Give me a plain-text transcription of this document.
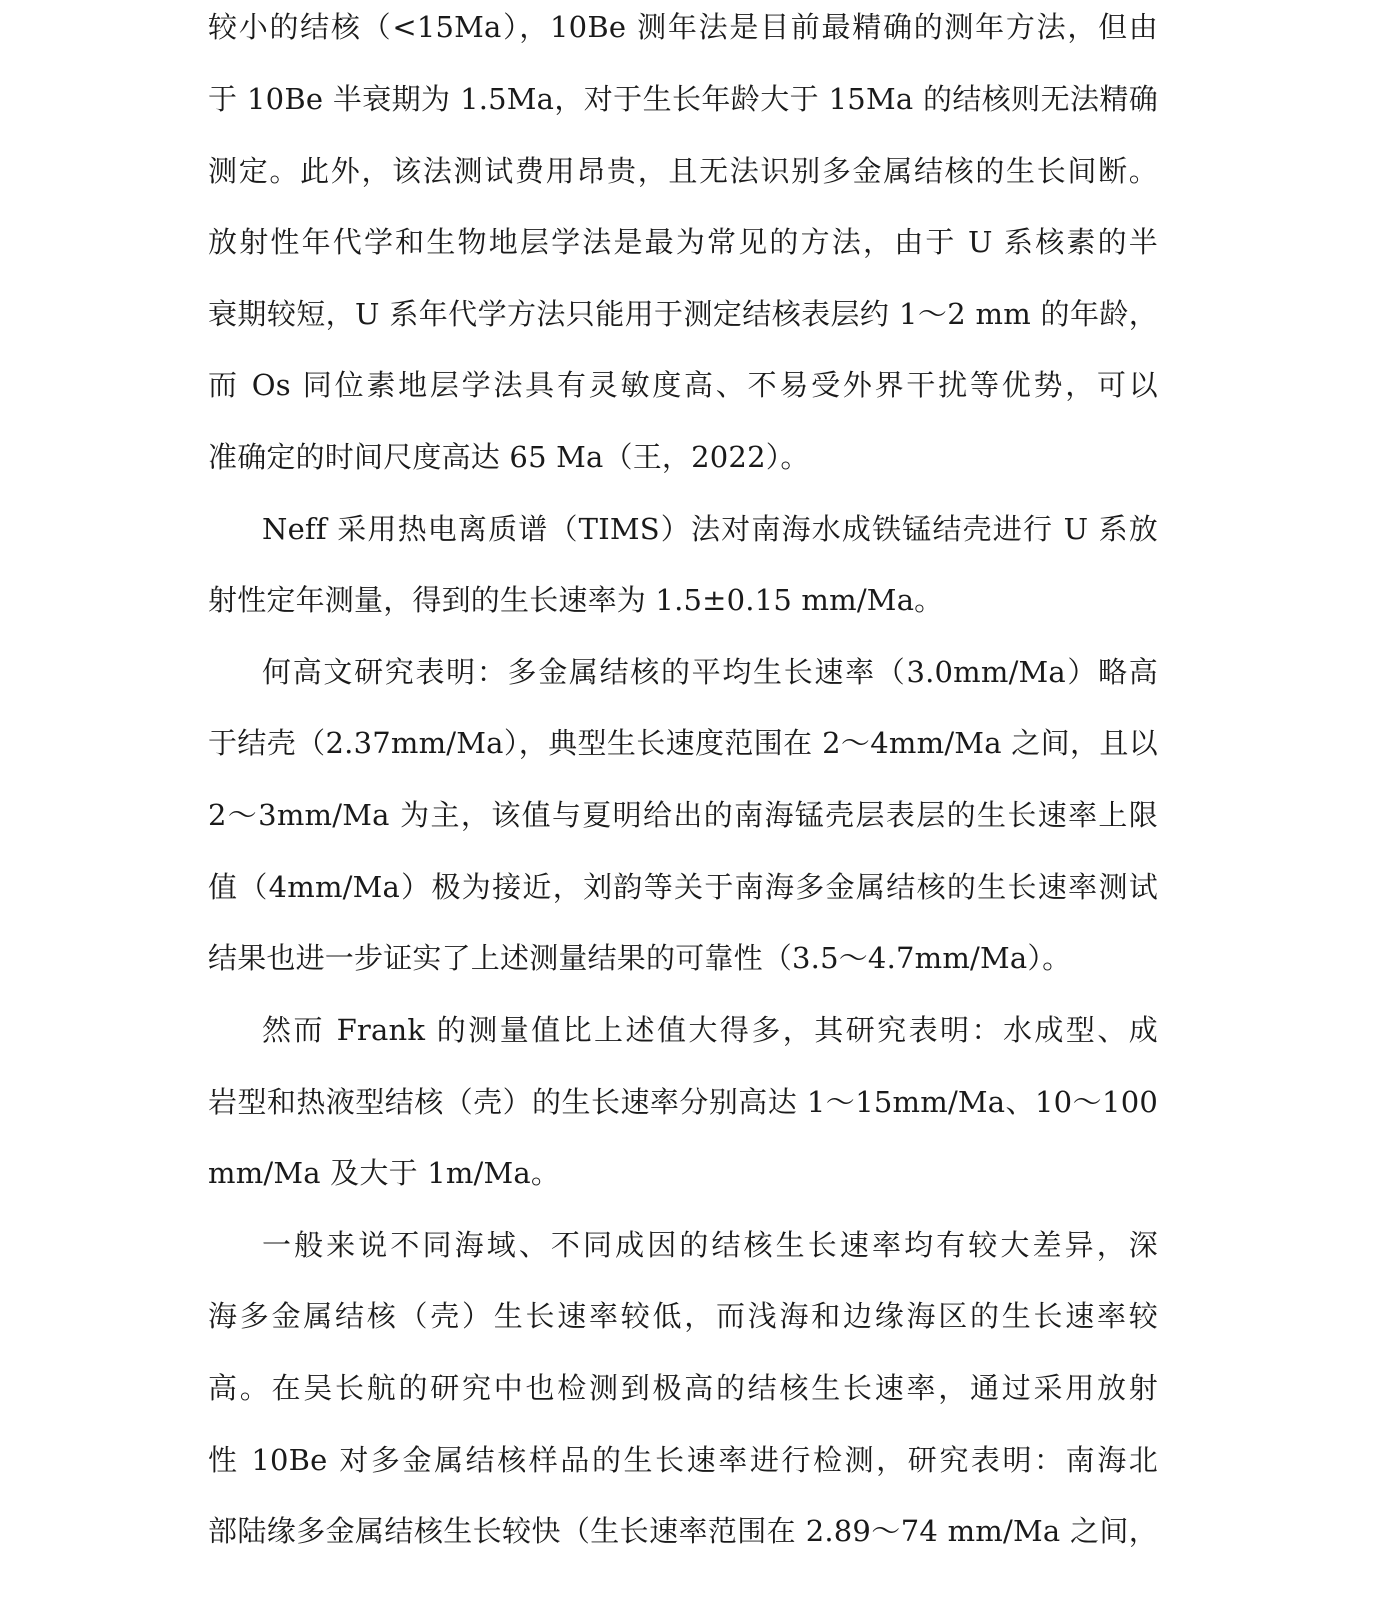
较小的结核（<15Ma），10Be 测年法是目前最精确的测年方法，但由
于 10Be 半衰期为 1.5Ma，对于生长年龄大于 15Ma 的结核则无法精确
测定。此外，该法测试费用昂贵，且无法识别多金属结核的生长间断。
放射性年代学和生物地层学法是最为常见的方法，由于 U 系核素的半
衰期较短，U 系年代学方法只能用于测定结核表层约 1～2 mm 的年龄，
而 Os 同位素地层学法具有灵敏度高、不易受外界干扰等优势，可以
准确定的时间尺度高达 65 Ma（王，2022）。
Neff 采用热电离质谱（TIMS）法对南海水成铁锰结壳进行 U 系放
射性定年测量，得到的生长速率为 1.5±0.15 mm/Ma。
何高文研究表明：多金属结核的平均生长速率（3.0mm/Ma）略高
于结壳（2.37mm/Ma），典型生长速度范围在 2～4mm/Ma 之间，且以
2～3mm/Ma 为主，该值与夏明给出的南海锰壳层表层的生长速率上限
值（4mm/Ma）极为接近，刘韵等关于南海多金属结核的生长速率测试
结果也进一步证实了上述测量结果的可靠性（3.5～4.7mm/Ma）。
然而 Frank 的测量值比上述值大得多，其研究表明：水成型、成
岩型和热液型结核（壳）的生长速率分别高达 1～15mm/Ma、10～100
mm/Ma 及大于 1m/Ma。
一般来说不同海域、不同成因的结核生长速率均有较大差异，深
海多金属结核（壳）生长速率较低，而浅海和边缘海区的生长速率较
高。在吴长航的研究中也检测到极高的结核生长速率，通过采用放射
性 10Be 对多金属结核样品的生长速率进行检测，研究表明：南海北
部陆缘多金属结核生长较快（生长速率范围在 2.89～74 mm/Ma 之间，
